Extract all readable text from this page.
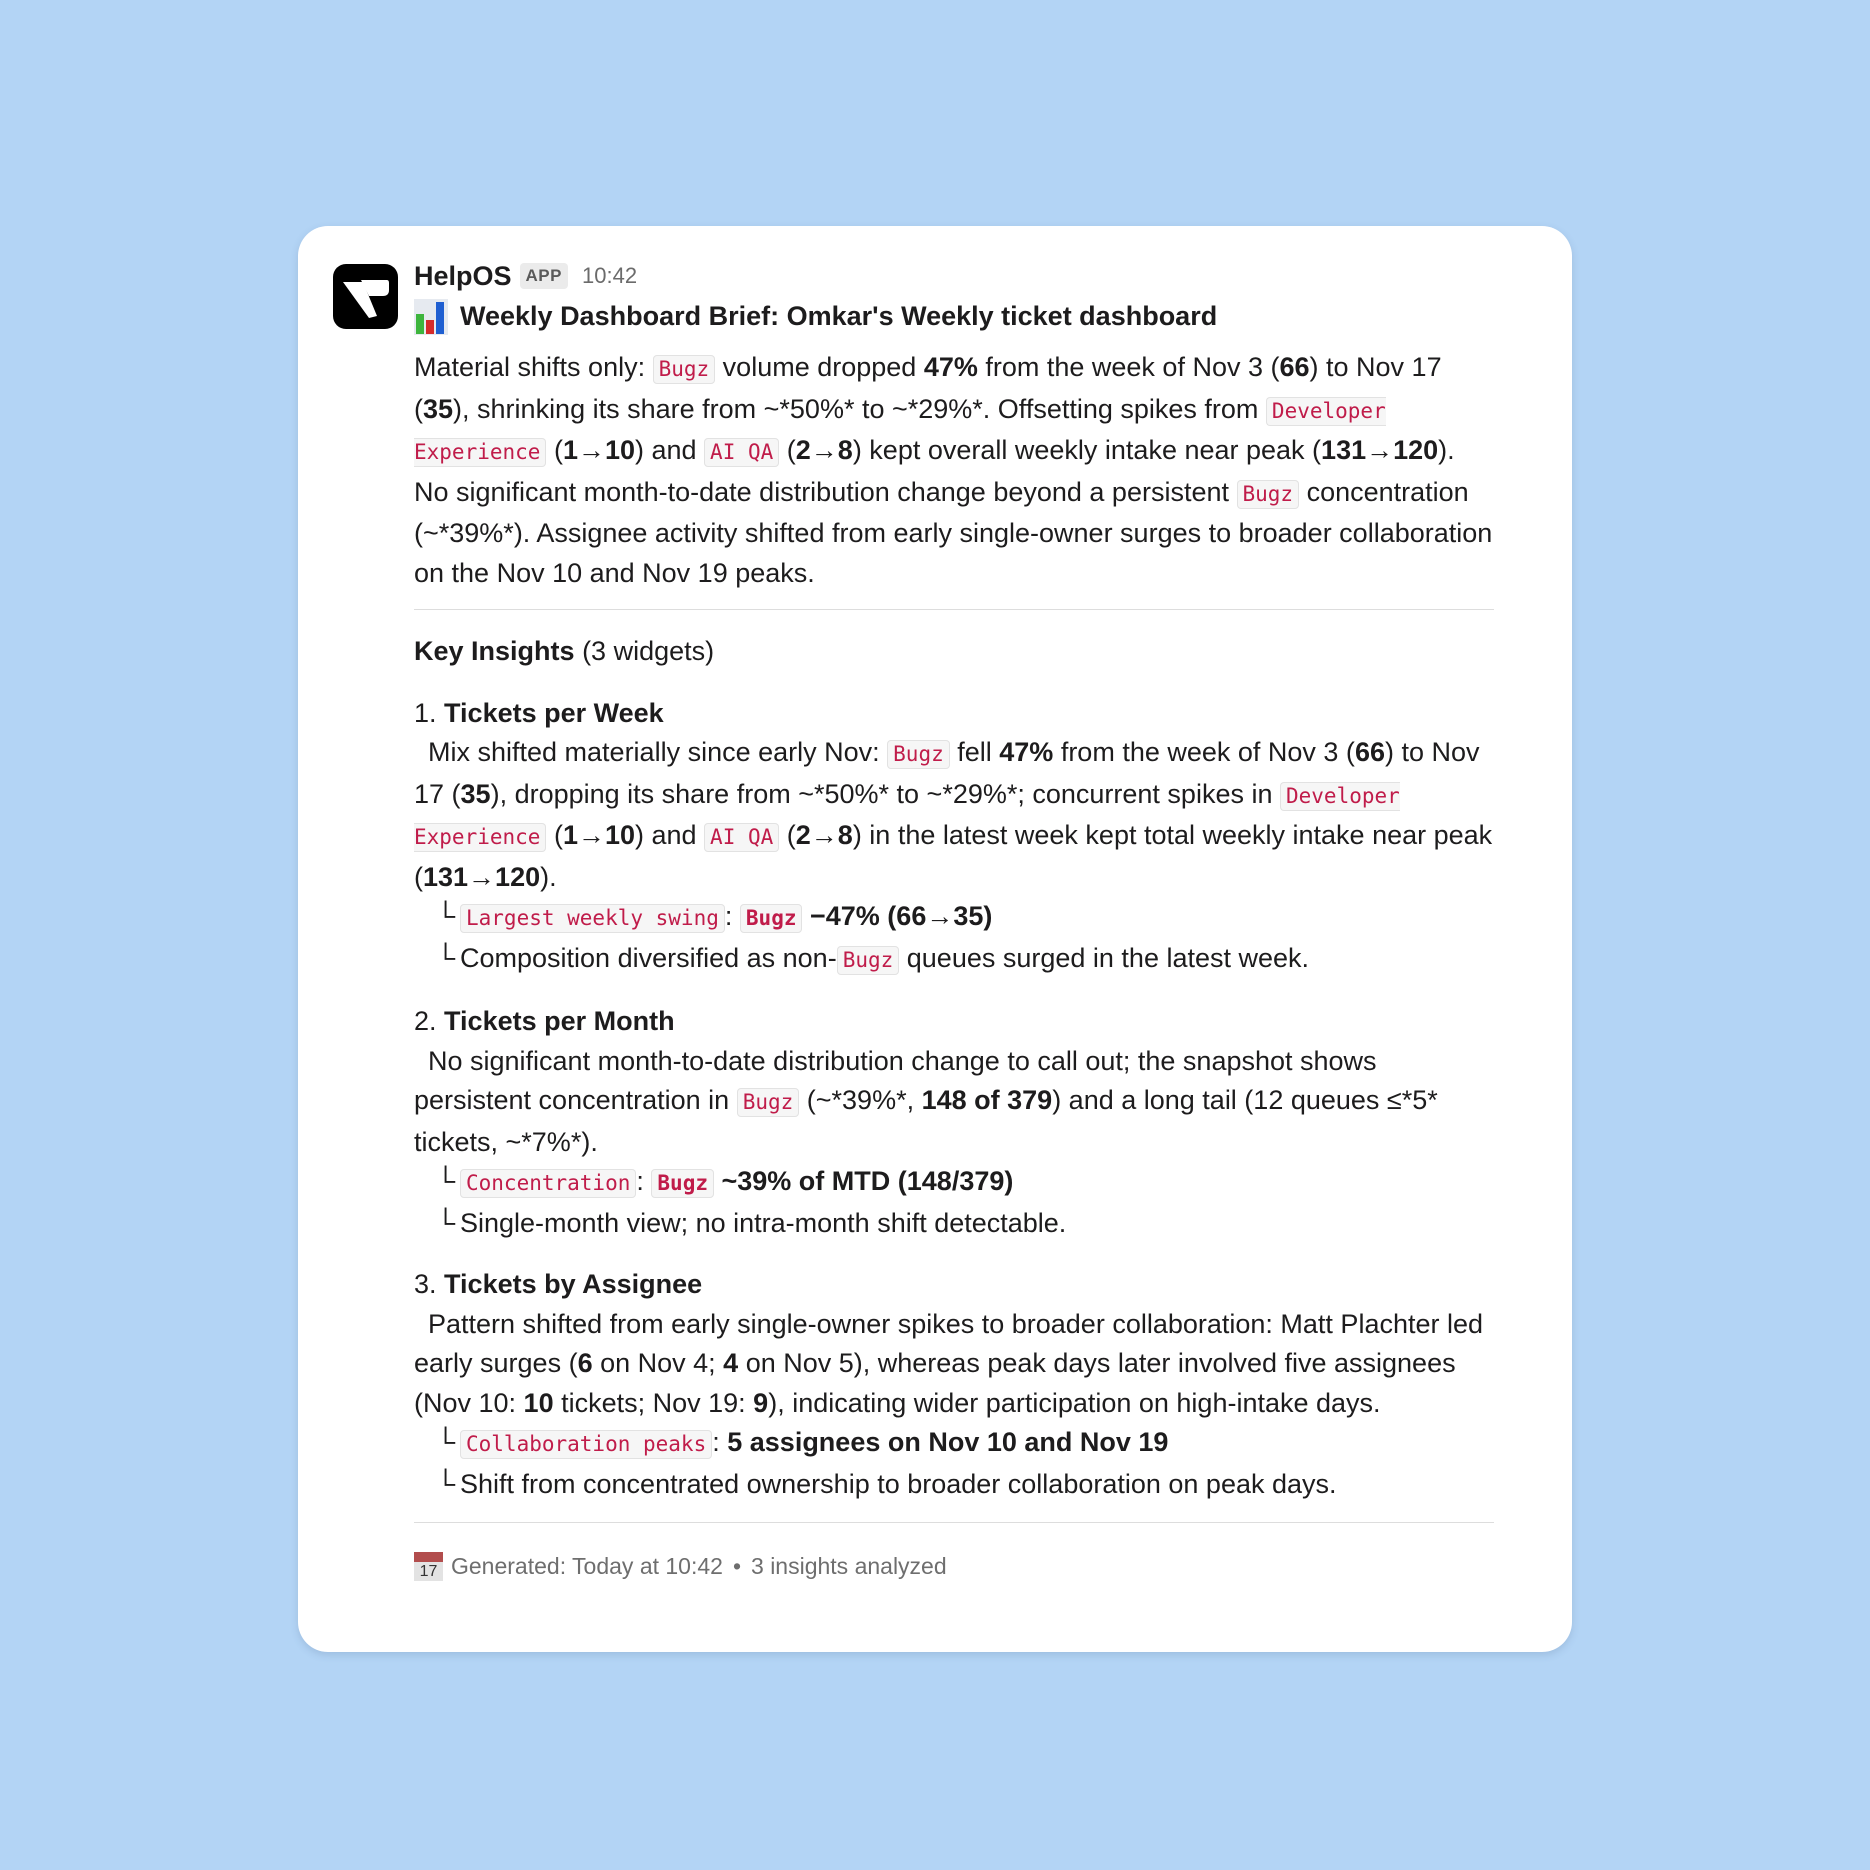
HelpOS APP 10:42
Weekly Dashboard Brief: Omkar's Weekly ticket dashboard

Material shifts only: Bugz volume dropped 47% from the week of Nov 3 (66) to Nov 17 (35), shrinking its share from ~*50%* to ~*29%*. Offsetting spikes from Developer Experience (1→10) and AI QA (2→8) kept overall weekly intake near peak (131→120). No significant month-to-date distribution change beyond a persistent Bugz concentration (~*39%*). Assignee activity shifted from early single-owner surges to broader collaboration on the Nov 10 and Nov 19 peaks.

Key Insights (3 widgets)

1. Tickets per Week

Mix shifted materially since early Nov: Bugz fell 47% from the week of Nov 3 (66) to Nov 17 (35), dropping its share from ~*50%* to ~*29%*; concurrent spikes in Developer Experience (1→10) and AI QA (2→8) in the latest week kept total weekly intake near peak (131→120).

└ Largest weekly swing : Bugz −47% (66→35)

└ Composition diversified as non- Bugz queues surged in the latest week.

2. Tickets per Month

No significant month-to-date distribution change to call out; the snapshot shows persistent concentration in Bugz (~*39%*, 148 of 379) and a long tail (12 queues ≤*5* tickets, ~*7%*).

└ Concentration : Bugz ~39% of MTD (148/379)

└ Single-month view; no intra-month shift detectable.

3. Tickets by Assignee

Pattern shifted from early single-owner spikes to broader collaboration: Matt Plachter led early surges (6 on Nov 4; 4 on Nov 5), whereas peak days later involved five assignees (Nov 10: 10 tickets; Nov 19: 9), indicating wider participation on high-intake days.

└ Collaboration peaks : 5 assignees on Nov 10 and Nov 19

└ Shift from concentrated ownership to broader collaboration on peak days.

17 Generated: Today at 10:42 • 3 insights analyzed
